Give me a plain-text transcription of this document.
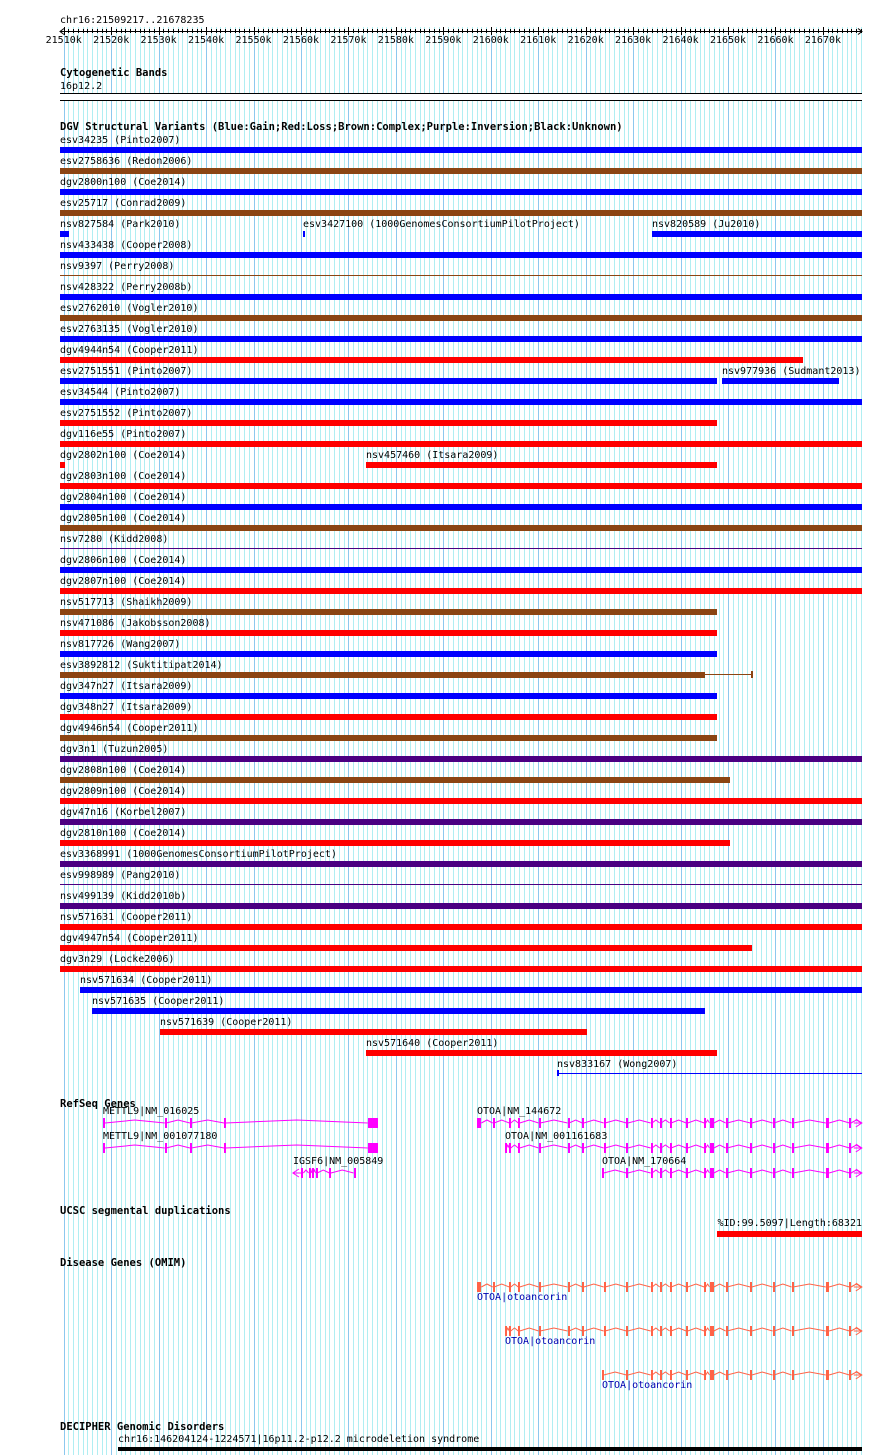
chr16:21509217..21678235
Cytogenetic Bands
16p12.2
DGV Structural Variants (Blue:Gain;Red:Loss;Brown:Complex;Purple:Inversion;Black:Unknown)
RefSeq Genes
UCSC segmental duplications
%ID:99.5097|Length:68321
Disease Genes (OMIM)
DECIPHER Genomic Disorders
chr16:146204124-1224571|16p11.2-p12.2 microdeletion syndrome
21510k 21520k 21530k 21540k 21550k 21560k 21570k 21580k 21590k 21600k 21610k 21620k 21630k 21640k 21650k 21660k 21670k
esv34235 (Pinto2007)
esv2758636 (Redon2006)
dgv2800n100 (Coe2014)
esv25717 (Conrad2009)
nsv827584 (Park2010)	esv3427100 (1000GenomesConsortiumPilotProject)	nsv820589 (Ju2010)
nsv433438 (Cooper2008)
nsv9397 (Perry2008)
nsv428322 (Perry2008b)
esv2762010 (Vogler2010)
esv2763135 (Vogler2010)
dgv4944n54 (Cooper2011)
esv2751551 (Pinto2007)	nsv977936 (Sudmant2013)
esv34544 (Pinto2007)
esv2751552 (Pinto2007)
dgv116e55 (Pinto2007)
dgv2802n100 (Coe2014)	nsv457460 (Itsara2009)
dgv2803n100 (Coe2014)
dgv2804n100 (Coe2014)
dgv2805n100 (Coe2014)
nsv7280 (Kidd2008)
dgv2806n100 (Coe2014)
dgv2807n100 (Coe2014)
nsv517713 (Shaikh2009)
nsv471086 (Jakobsson2008)
nsv817726 (Wang2007)
esv3892812 (Suktitipat2014)
dgv347n27 (Itsara2009)
dgv348n27 (Itsara2009)
dgv4946n54 (Cooper2011)
dgv3n1 (Tuzun2005)
dgv2808n100 (Coe2014)
dgv2809n100 (Coe2014)
dgv47n16 (Korbel2007)
dgv2810n100 (Coe2014)
esv3368991 (1000GenomesConsortiumPilotProject)
esv998989 (Pang2010)
nsv499139 (Kidd2010b)
nsv571631 (Cooper2011)
dgv4947n54 (Cooper2011)
dgv3n29 (Locke2006)
nsv571634 (Cooper2011)
nsv571635 (Cooper2011)
nsv571639 (Cooper2011)
nsv571640 (Cooper2011)
nsv833167 (Wong2007)
METTL9|NM_016025
METTL9|NM_001077180
IGSF6|NM_005849
OTOA|NM_144672
OTOA|NM_001161683
OTOA|NM_170664
OTOA|otoancorin
OTOA|otoancorin
OTOA|otoancorin
